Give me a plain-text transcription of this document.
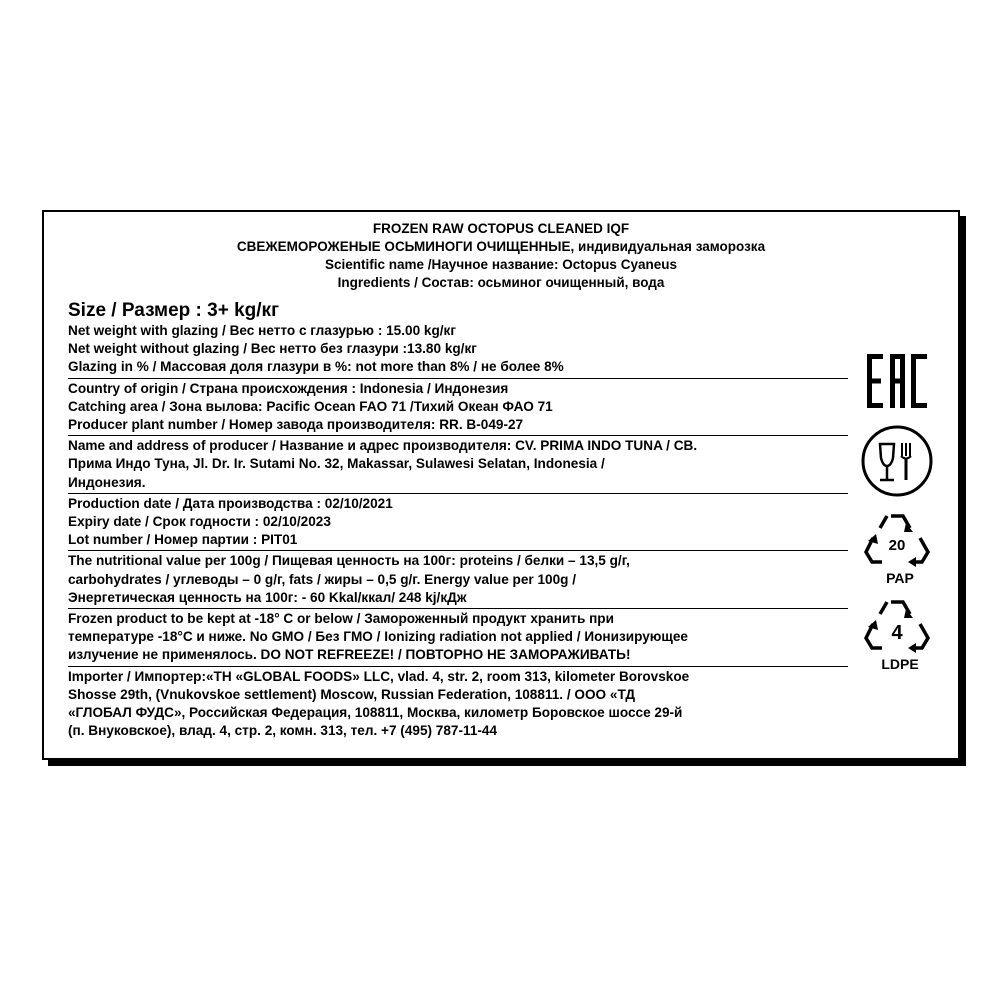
FROZEN RAW OCTOPUS CLEANED IQF
СВЕЖЕМОРОЖЕНЫЕ ОСЬМИНОГИ ОЧИЩЕННЫЕ, индивидуальная заморозка
Scientific name /Научное название: Octopus Cyaneus
Ingredients / Состав: осьминог очищенный, вода
Size / Размер : 3+ kg/кг
Net weight with glazing / Вес нетто с глазурью : 15.00 kg/кг
Net weight without glazing / Вес нетто без глазури :13.80 kg/кг
Glazing in % / Массовая доля глазури в %: not more than 8% / не более 8%
Country of origin / Страна происхождения : Indonesia / Индонезия
Catching area / Зона вылова: Pacific Ocean FAO 71 /Тихий Океан ФАО 71
Producer plant number / Номер завода производителя: RR. B-049-27
Name and address of producer / Название и адрес производителя: CV. PRIMA INDO TUNA / CB.
Прима Индо Туна, Jl. Dr. Ir. Sutami No. 32, Makassar, Sulawesi Selatan, Indonesia /
Индонезия.
Production date / Дата производства : 02/10/2021
Expiry date / Срок годности : 02/10/2023
Lot number / Номер партии : PIT01
The nutritional value per 100g / Пищевая ценность на 100г: proteins / белки – 13,5 g/г,
carbohydrates / углеводы – 0 g/г, fats / жиры – 0,5 g/г. Energy value per 100g /
Энергетическая ценность на 100г: - 60 Kkal/ккал/ 248 kj/кДж
Frozen product to be kept at -18° C or below / Замороженный продукт хранить при
температуре -18°С и ниже. No GMO / Без ГМО / Ionizing radiation not applied / Ионизирующее
излучение не применялось. DO NOT REFREEZE! / ПОВТОРНО НЕ ЗАМОРАЖИВАТЬ!
Importer / Импортер:«TH «GLOBAL FOODS» LLC, vlad. 4, str. 2, room 313, kilometer Borovskoe
Shosse 29th, (Vnukovskoe settlement) Moscow, Russian Federation, 108811. / ООО «ТД
«ГЛОБАЛ ФУДС», Российская Федерация, 108811, Москва, километр Боровское шоссе 29-й
(п. Внуковское), влад. 4, стр. 2, комн. 313, тел. +7 (495) 787-11-44
20
PAP
4
LDPE
